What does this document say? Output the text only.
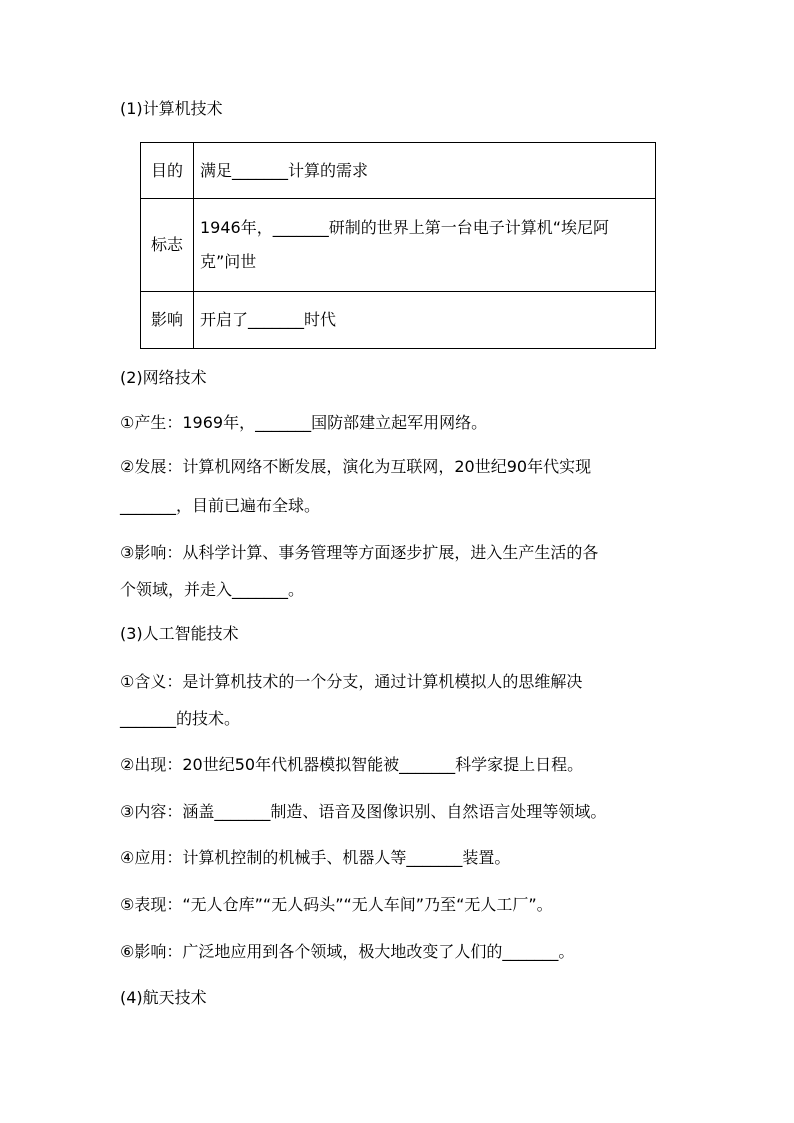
(1)计算机技术
目的	满足_______计算的需求
标志	1946年，_______研制的世界上第一台电子计算机“埃尼阿克”问世
影响	开启了_______时代
(2)网络技术
①产生：1969年，_______国防部建立起军用网络。
②发展：计算机网络不断发展，演化为互联网，20世纪90年代实现
_______，目前已遍布全球。
③影响：从科学计算、事务管理等方面逐步扩展，进入生产生活的各
个领域，并走入_______。
(3)人工智能技术
①含义：是计算机技术的一个分支，通过计算机模拟人的思维解决
_______的技术。
②出现：20世纪50年代机器模拟智能被_______科学家提上日程。
③内容：涵盖_______制造、语音及图像识别、自然语言处理等领域。
④应用：计算机控制的机械手、机器人等_______装置。
⑤表现：“无人仓库”“无人码头”“无人车间”乃至“无人工厂”。
⑥影响：广泛地应用到各个领域，极大地改变了人们的_______。
(4)航天技术
